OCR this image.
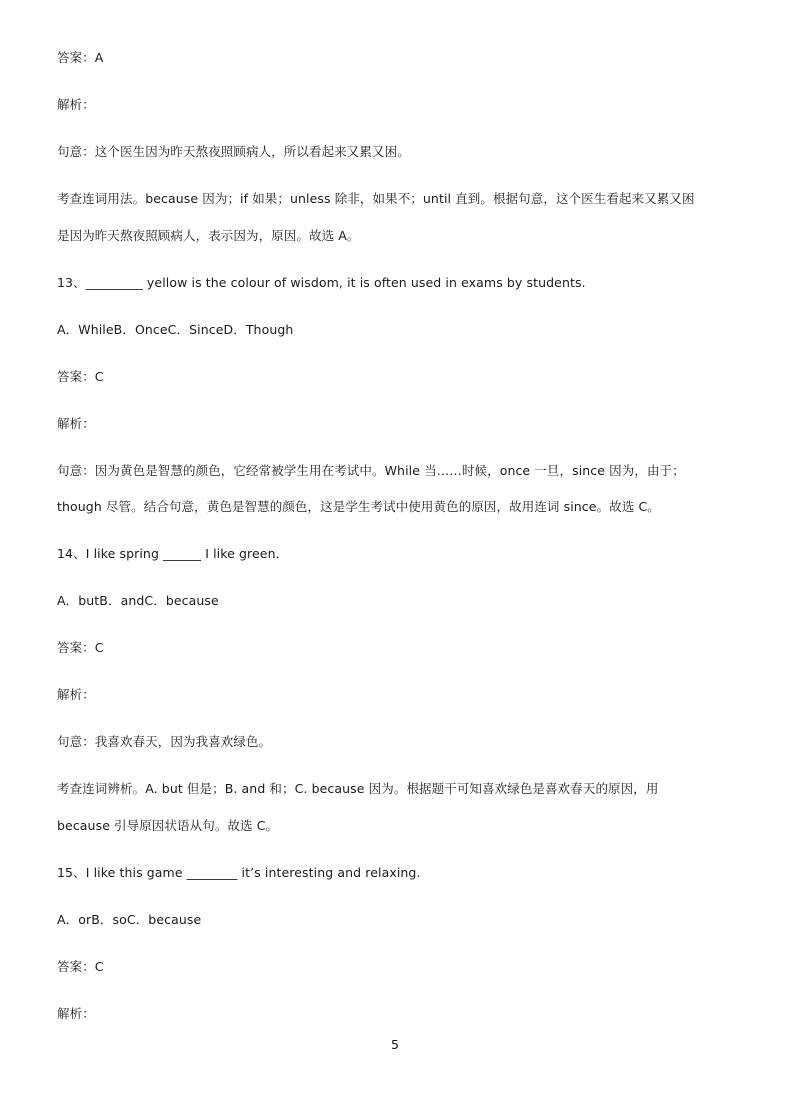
答案：A
解析：
句意：这个医生因为昨天熬夜照顾病人，所以看起来又累又困。
考查连词用法。because 因为；if 如果；unless 除非，如果不；until 直到。根据句意，这个医生看起来又累又困
是因为昨天熬夜照顾病人，表示因为，原因。故选 A。
13、_________ yellow is the colour of wisdom, it is often used in exams by students.
A．WhileB．OnceC．SinceD．Though
答案：C
解析：
句意：因为黄色是智慧的颜色，它经常被学生用在考试中。While 当……时候，once 一旦，since 因为，由于；
though 尽管。结合句意，黄色是智慧的颜色，这是学生考试中使用黄色的原因，故用连词 since。故选 C。
14、I like spring ______ I like green．
A．butB．andC．because
答案：C
解析：
句意：我喜欢春天，因为我喜欢绿色。
考查连词辨析。A. but 但是；B. and 和；C. because 因为。根据题干可知喜欢绿色是喜欢春天的原因，用
because 引导原因状语从句。故选 C。
15、I like this game ________ it’s interesting and relaxing.
A．orB．soC．because
答案：C
解析：
5
